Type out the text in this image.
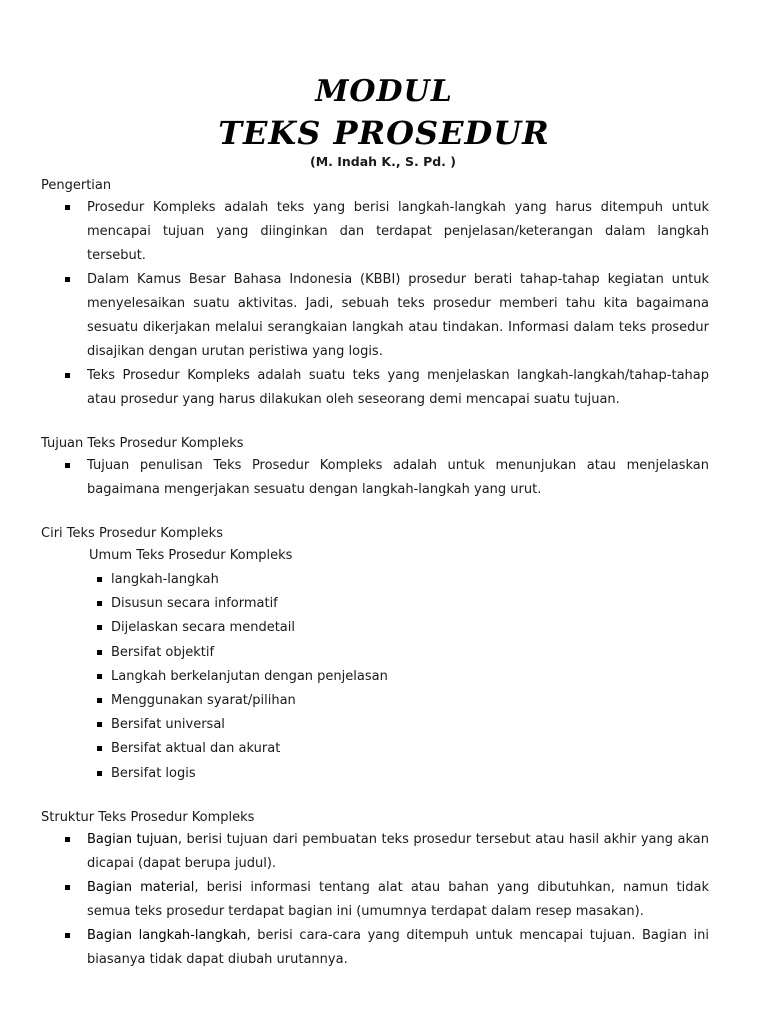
MODUL
TEKS PROSEDUR
(M. Indah K., S. Pd. )
Pengertian
Prosedur Kompleks adalah teks yang berisi langkah-langkah yang harus ditempuh untuk mencapai tujuan yang diinginkan dan terdapat penjelasan/keterangan dalam langkah tersebut.
Dalam Kamus Besar Bahasa Indonesia (KBBI) prosedur berati tahap-tahap kegiatan untuk menyelesaikan suatu aktivitas. Jadi, sebuah teks prosedur memberi tahu kita bagaimana sesuatu dikerjakan melalui serangkaian langkah atau tindakan. Informasi dalam teks prosedur disajikan dengan urutan peristiwa yang logis.
Teks Prosedur Kompleks adalah suatu teks yang menjelaskan langkah-langkah/tahap-tahap atau prosedur yang harus dilakukan oleh seseorang demi mencapai suatu tujuan.
Tujuan Teks Prosedur Kompleks
Tujuan penulisan Teks Prosedur Kompleks adalah untuk menunjukan atau menjelaskan bagaimana mengerjakan sesuatu dengan langkah-langkah yang urut.
Ciri Teks Prosedur Kompleks
Umum Teks Prosedur Kompleks
langkah-langkah
Disusun secara informatif
Dijelaskan secara mendetail
Bersifat objektif
Langkah berkelanjutan dengan penjelasan
Menggunakan syarat/pilihan
Bersifat universal
Bersifat aktual dan akurat
Bersifat logis
Struktur Teks Prosedur Kompleks
Bagian tujuan, berisi tujuan dari pembuatan teks prosedur tersebut atau hasil akhir yang akan dicapai (dapat berupa judul).
Bagian material, berisi informasi tentang alat atau bahan yang dibutuhkan, namun tidak semua teks prosedur terdapat bagian ini (umumnya terdapat dalam resep masakan).
Bagian langkah-langkah, berisi cara-cara yang ditempuh untuk mencapai tujuan. Bagian ini biasanya tidak dapat diubah urutannya.
